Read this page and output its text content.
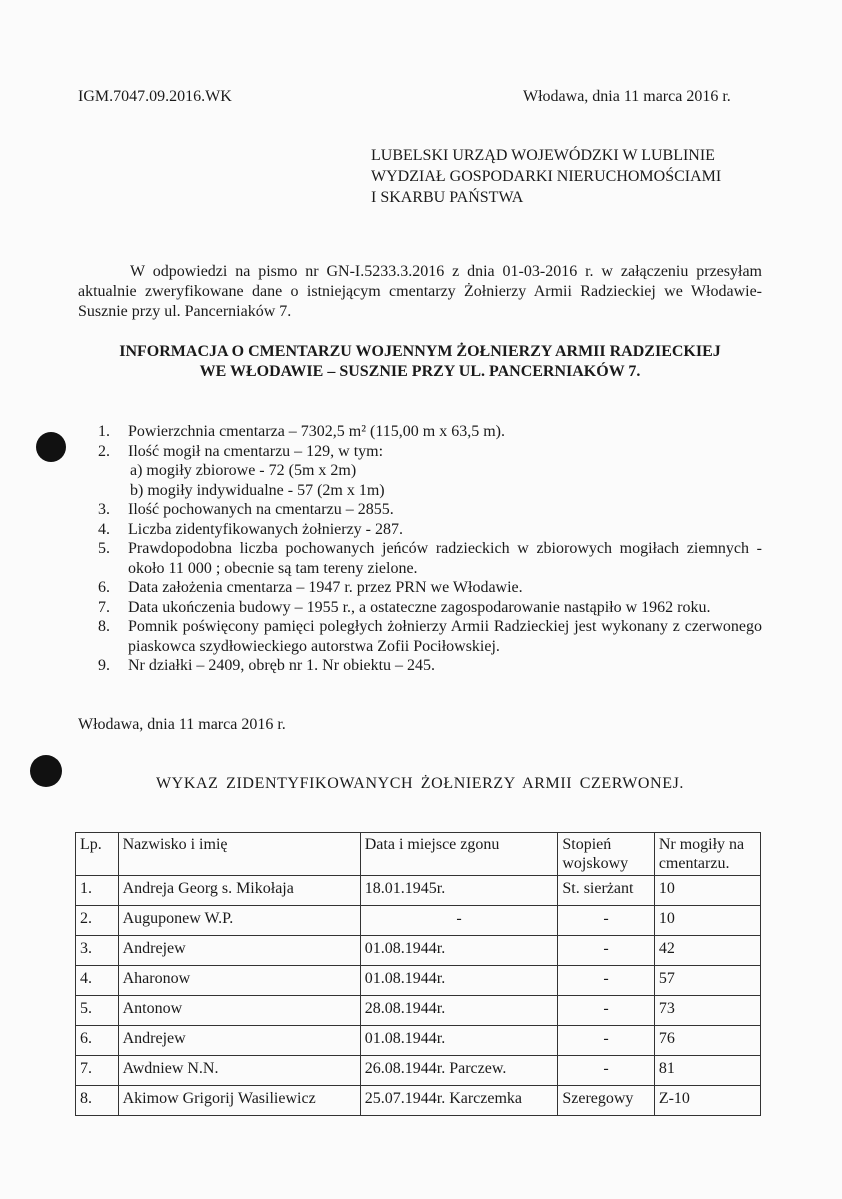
IGM.7047.09.2016.WK	Włodawa, dnia 11 marca 2016 r.
LUBELSKI URZĄD WOJEWÓDZKI W LUBLINIE
WYDZIAŁ GOSPODARKI NIERUCHOMOŚCIAMI
I SKARBU PAŃSTWA
W odpowiedzi na pismo nr GN-I.5233.3.2016 z dnia 01-03-2016 r. w załączeniu przesyłam aktualnie zweryfikowane dane o istniejącym cmentarzy Żołnierzy Armii Radzieckiej we Włodawie-Susznie przy ul. Pancerniaków 7.
INFORMACJA O CMENTARZU WOJENNYM ŻOŁNIERZY ARMII RADZIECKIEJ
WE WŁODAWIE – SUSZNIE PRZY UL. PANCERNIAKÓW 7.
1.	Powierzchnia cmentarza – 7302,5 m² (115,00 m x 63,5 m).
2.	Ilość mogił na cmentarzu – 129, w tym:
a) mogiły zbiorowe - 72 (5m x 2m)
b) mogiły indywidualne - 57 (2m x 1m)
3.	Ilość pochowanych na cmentarzu – 2855.
4.	Liczba zidentyfikowanych żołnierzy - 287.
5.	Prawdopodobna liczba pochowanych jeńców radzieckich w zbiorowych mogiłach ziemnych - około 11 000 ; obecnie są tam tereny zielone.
6.	Data założenia cmentarza – 1947 r. przez PRN we Włodawie.
7.	Data ukończenia budowy – 1955 r., a ostateczne zagospodarowanie nastąpiło w 1962 roku.
8.	Pomnik poświęcony pamięci poległych żołnierzy Armii Radzieckiej jest wykonany z czerwonego piaskowca szydłowieckiego autorstwa Zofii Pociłowskiej.
9.	Nr działki – 2409, obręb nr 1. Nr obiektu – 245.
Włodawa, dnia 11 marca 2016 r.
WYKAZ ZIDENTYFIKOWANYCH ŻOŁNIERZY ARMII CZERWONEJ.
Lp.	Nazwisko i imię	Data i miejsce zgonu	Stopień wojskowy	Nr mogiły na cmentarzu.
1.	Andreja Georg s. Mikołaja	18.01.1945r.	St. sierżant	10
2.	Auguponew W.P.	-	-	10
3.	Andrejew	01.08.1944r.	-	42
4.	Aharonow	01.08.1944r.	-	57
5.	Antonow	28.08.1944r.	-	73
6.	Andrejew	01.08.1944r.	-	76
7.	Awdniew N.N.	26.08.1944r. Parczew.	-	81
8.	Akimow Grigorij Wasiliewicz	25.07.1944r. Karczemka	Szeregowy	Z-10
